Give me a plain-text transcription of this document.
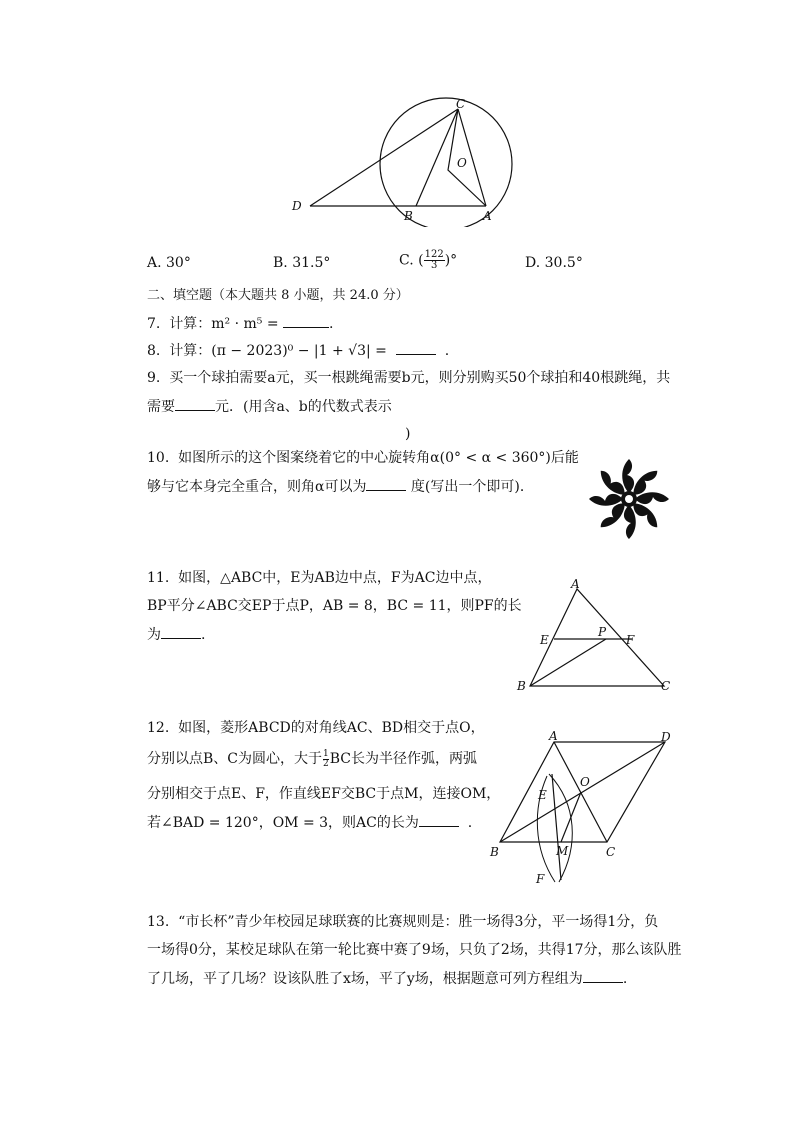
C
O
D
B	A
A. 30°	B. 31.5°	C. ( $\frac{122}{3}$ )°	D. 30.5°
二、填空题（本大题共 8 小题，共 24.0 分）
7. 计算：m² · m⁵ =	.
8. 计算：(π − 2023)⁰ − |1 + √3| =	.
9. 买一个球拍需要a元，买一根跳绳需要b元，则分别购买50个球拍和40根跳绳，共
需要	元．(用含a、b的代数式表示
)
10. 如图所示的这个图案绕着它的中心旋转角α(0° < α < 360°)后能
够与它本身完全重合，则角α可以为	度(写出一个即可)．
11. 如图，△ABC中，E为AB边中点，F为AC边中点，
BP平分∠ABC交EP于点P，AB = 8，BC = 11，则PF的长
为	.
A
E
P
F
B	C
12. 如图，菱形ABCD的对角线AC、BD相交于点O，
分别以点B、C为圆心，大于 $\frac{1}{2}$ BC长为半径作弧，两弧
分别相交于点E、F，作直线EF交BC于点M，连接OM，
若∠BAD = 120°，OM = 3，则AC的长为	.
A	D
O
E
B	M	C
F
13. “市长杯”青少年校园足球联赛的比赛规则是：胜一场得3分，平一场得1分，负
一场得0分，某校足球队在第一轮比赛中赛了9场，只负了2场，共得17分，那么该队胜
了几场，平了几场？设该队胜了x场，平了y场，根据题意可列方程组为	.
